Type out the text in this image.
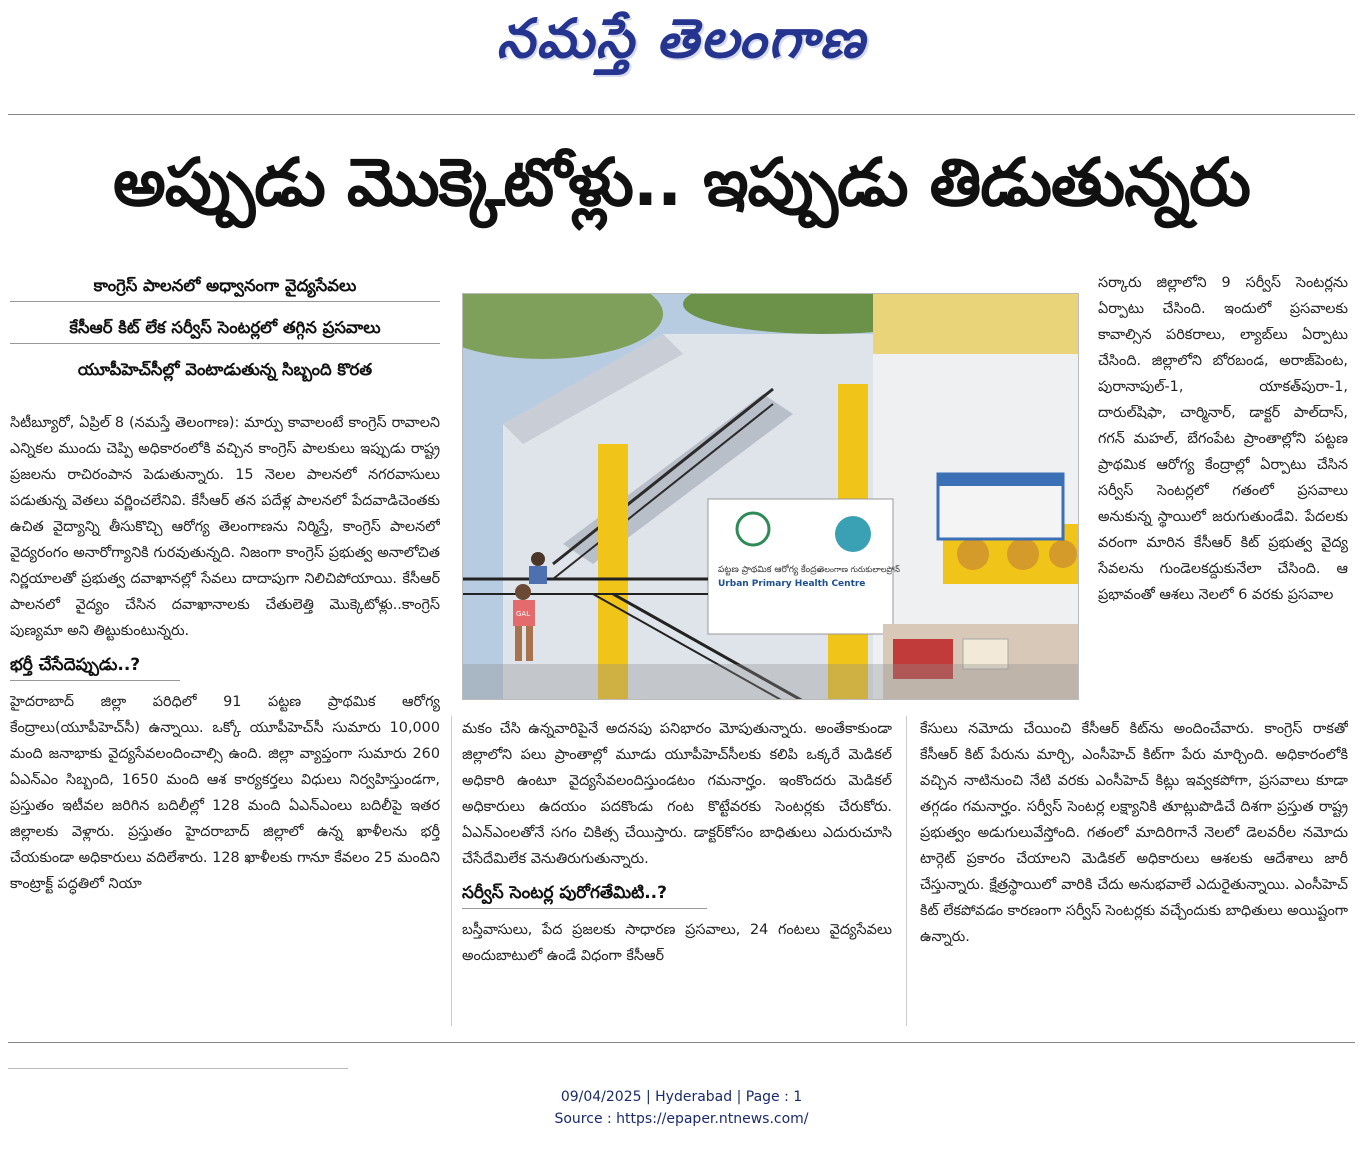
నమస్తే తెలంగాణ
అప్పుడు మొక్కెటోళ్లు.. ఇప్పుడు తిడుతున్నరు
కాంగ్రెస్ పాలనలో అధ్వానంగా వైద్యసేవలు
కేసీఆర్ కిట్ లేక సర్వీస్ సెంటర్లలో తగ్గిన ప్రసవాలు
యూపీహెచ్‌సీల్లో వెంటాడుతున్న సిబ్బంది కొరత

సిటీబ్యూరో, ఏప్రిల్ 8 (నమస్తే తెలంగాణ): మార్పు కావాలంటే కాంగ్రెస్ రావాలని ఎన్నికల ముందు చెప్పి అధికారంలోకి వచ్చిన కాంగ్రెస్ పాలకులు ఇప్పుడు రాష్ట్ర ప్రజలను రాచిరంపాన పెడుతున్నారు. 15 నెలల పాలనలో నగరవాసులు పడుతున్న వెతలు వర్ణించలేనివి. కేసీఆర్ తన పదేళ్ల పాలనలో పేదవాడిచెంతకు ఉచిత వైద్యాన్ని తీసుకొచ్చి ఆరోగ్య తెలంగాణను నిర్మిస్తే, కాంగ్రెస్ పాలనలో వైద్యరంగం అనారోగ్యానికి గురవుతున్నది. నిజంగా కాంగ్రెస్ ప్రభుత్వ అనాలోచిత నిర్ణయాలతో ప్రభుత్వ దవాఖానల్లో సేవలు దాదాపుగా నిలిచిపోయాయి. కేసీఆర్ పాలనలో వైద్యం చేసిన దవాఖానాలకు చేతులెత్తి మొక్కెటోళ్లు..కాంగ్రెస్ పుణ్యమా అని తిట్టుకుంటున్నరు.

భర్తీ చేసేదెప్పుడు..?

హైదరాబాద్ జిల్లా పరిధిలో 91 పట్టణ ప్రాథమిక ఆరోగ్య కేంద్రాలు(యూపీహెచ్‌సీ) ఉన్నాయి. ఒక్కో యూపీహెచ్‌సీ సుమారు 10,000 మంది జనాభాకు వైద్యసేవలందించాల్సి ఉంది. జిల్లా వ్యాప్తంగా సుమారు 260 ఏఎన్ఎం సిబ్బంది, 1650 మంది ఆశ కార్యకర్తలు విధులు నిర్వహిస్తుండగా, ప్రస్తుతం ఇటీవల జరిగిన బదిలీల్లో 128 మంది ఏఎన్ఎంలు బదిలీపై ఇతర జిల్లాలకు వెళ్లారు. ప్రస్తుతం హైదరాబాద్ జిల్లాలో ఉన్న ఖాళీలను భర్తీ చేయకుండా అధికారులు వదిలేశారు. 128 ఖాళీలకు గానూ కేవలం 25 మందిని కాంట్రాక్ట్ పద్ధతిలో నియా

పట్టణ ప్రాథమిక ఆరోగ్య కేంద్రం
Urban Primary Health Centre
తెలంగాణ గురుకులాలప్రోన్
GAL

మకం చేసి ఉన్నవారిపైనే అదనపు పనిభారం మోపుతున్నారు. అంతేకాకుండా జిల్లాలోని పలు ప్రాంతాల్లో మూడు యూపీహెచ్‌సీలకు కలిపి ఒక్కరే మెడికల్ అధికారి ఉంటూ వైద్యసేవలందిస్తుండటం గమనార్హం. ఇంకొందరు మెడికల్ అధికారులు ఉదయం పదకొండు గంట కొట్టేవరకు సెంటర్లకు చేరుకోరు. ఏఎన్ఎంలతోనే సగం చికిత్స చేయిస్తారు. డాక్టర్‌కోసం బాధితులు ఎదురుచూసి చేసేదేమిలేక వెనుతిరుగుతున్నారు.

సర్వీస్ సెంటర్ల పురోగతేమిటి..?

బస్తీవాసులు, పేద ప్రజలకు సాధారణ ప్రసవాలు, 24 గంటలు వైద్యసేవలు అందుబాటులో ఉండే విధంగా కేసీఆర్

సర్కారు జిల్లాలోని 9 సర్వీస్ సెంటర్లను ఏర్పాటు చేసింది. ఇందులో ప్రసవాలకు కావాల్సిన పరికరాలు, ల్యాబ్‌లు ఏర్పాటు చేసింది. జిల్లాలోని బోరబండ, అరాజ్‌పెంట, పురానాపుల్-1, యాకత్‌పురా-1, దారుల్‌షిఫా, చార్మినార్, డాక్టర్ పాల్‌దాస్, గగన్ మహల్, బేగంపేట ప్రాంతాల్లోని పట్టణ ప్రాథమిక ఆరోగ్య కేంద్రాల్లో ఏర్పాటు చేసిన సర్వీస్ సెంటర్లలో గతంలో ప్రసవాలు అనుకున్న స్థాయిలో జరుగుతుండేవి. పేదలకు వరంగా మారిన కేసీఆర్ కిట్ ప్రభుత్వ వైద్య సేవలను గుండెలకద్దుకునేలా చేసింది. ఆ ప్రభావంతో ఆశలు నెలలో 6 వరకు ప్రసవాల

కేసులు నమోదు చేయించి కేసీఆర్ కిట్‌ను అందించేవారు. కాంగ్రెస్ రాకతో కేసీఆర్ కిట్ పేరును మార్చి, ఎంసీహెచ్ కిట్‌గా పేరు మార్చింది. అధికారంలోకి వచ్చిన నాటినుంచి నేటి వరకు ఎంసీహెచ్ కిట్లు ఇవ్వకపోగా, ప్రసవాలు కూడా తగ్గడం గమనార్హం. సర్వీస్ సెంటర్ల లక్ష్యానికి తూట్లుపొడిచే దిశగా ప్రస్తుత రాష్ట్ర ప్రభుత్వం అడుగులువేస్తోంది. గతంలో మాదిరిగానే నెలలో డెలవరీల నమోదు టార్గెట్ ప్రకారం చేయాలని మెడికల్ అధికారులు ఆశలకు ఆదేశాలు జారీ చేస్తున్నారు. క్షేత్రస్థాయిలో వారికి చేదు అనుభవాలే ఎదురైతున్నాయి. ఎంసీహెచ్ కిట్ లేకపోవడం కారణంగా సర్వీస్ సెంటర్లకు వచ్చేందుకు బాధితులు అయిష్టంగా ఉన్నారు.

09/04/2025 | Hyderabad | Page : 1
Source : https://epaper.ntnews.com/
